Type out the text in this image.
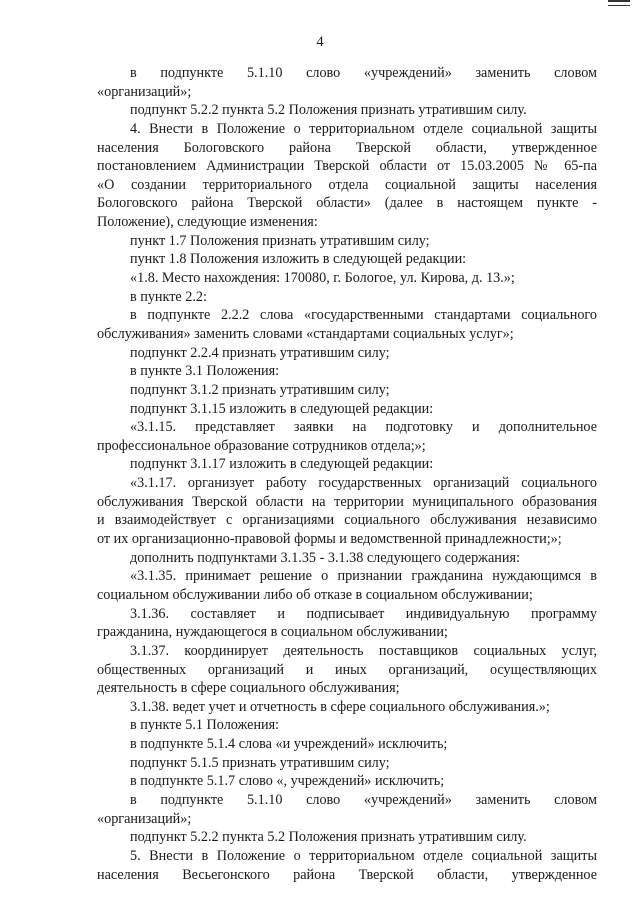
4
в подпункте 5.1.10 слово «учреждений» заменить словом
«организаций»;
подпункт 5.2.2 пункта 5.2 Положения признать утратившим силу.
4. Внести в Положение о территориальном отделе социальной защиты
населения Бологовского района Тверской области, утвержденное
постановлением Администрации Тверской области от 15.03.2005 № 65-па
«О создании территориального отдела социальной защиты населения
Бологовского района Тверской области» (далее в настоящем пункте -
Положение), следующие изменения:
пункт 1.7 Положения признать утратившим силу;
пункт 1.8 Положения изложить в следующей редакции:
«1.8. Место нахождения: 170080, г. Бологое, ул. Кирова, д. 13.»;
в пункте 2.2:
в подпункте 2.2.2 слова «государственными стандартами социального
обслуживания» заменить словами «стандартами социальных услуг»;
подпункт 2.2.4 признать утратившим силу;
в пункте 3.1 Положения:
подпункт 3.1.2 признать утратившим силу;
подпункт 3.1.15 изложить в следующей редакции:
«3.1.15. представляет заявки на подготовку и дополнительное
профессиональное образование сотрудников отдела;»;
подпункт 3.1.17 изложить в следующей редакции:
«3.1.17. организует работу государственных организаций социального
обслуживания Тверской области на территории муниципального образования
и взаимодействует с организациями социального обслуживания независимо
от их организационно-правовой формы и ведомственной принадлежности;»;
дополнить подпунктами 3.1.35 - 3.1.38 следующего содержания:
«3.1.35. принимает решение о признании гражданина нуждающимся в
социальном обслуживании либо об отказе в социальном обслуживании;
3.1.36. составляет и подписывает индивидуальную программу
гражданина, нуждающегося в социальном обслуживании;
3.1.37. координирует деятельность поставщиков социальных услуг,
общественных организаций и иных организаций, осуществляющих
деятельность в сфере социального обслуживания;
3.1.38. ведет учет и отчетность в сфере социального обслуживания.»;
в пункте 5.1 Положения:
в подпункте 5.1.4 слова «и учреждений» исключить;
подпункт 5.1.5 признать утратившим силу;
в подпункте 5.1.7 слово «, учреждений» исключить;
в подпункте 5.1.10 слово «учреждений» заменить словом
«организаций»;
подпункт 5.2.2 пункта 5.2 Положения признать утратившим силу.
5. Внести в Положение о территориальном отделе социальной защиты
населения Весьегонского района Тверской области, утвержденное
